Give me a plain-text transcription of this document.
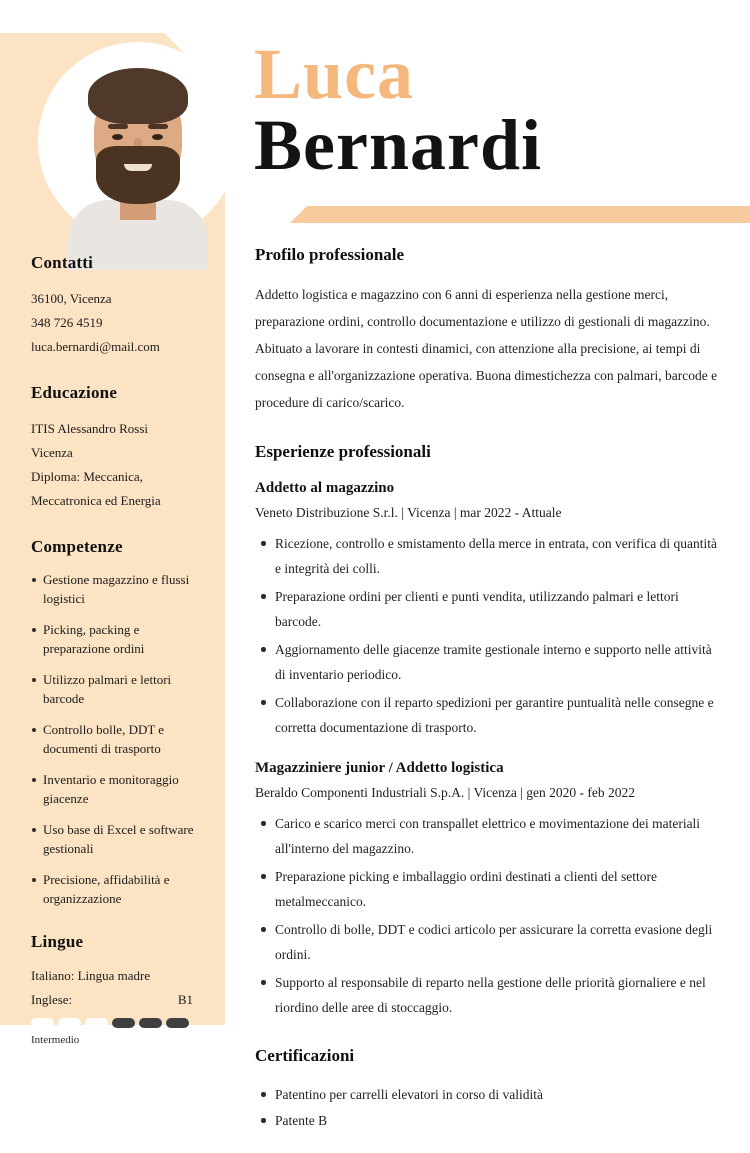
Luca
Bernardi
Contatti
36100, Vicenza
348 726 4519
luca.bernardi@mail.com
Educazione
ITIS Alessandro Rossi
Vicenza
Diploma: Meccanica,
Meccatronica ed Energia
Competenze
Gestione magazzino e flussi logistici
Picking, packing e preparazione ordini
Utilizzo palmari e lettori barcode
Controllo bolle, DDT e documenti di trasporto
Inventario e monitoraggio giacenze
Uso base di Excel e software gestionali
Precisione, affidabilità e organizzazione
Lingue
Italiano: Lingua madre
Inglese:	B1
Intermedio
Profilo professionale

Addetto logistica e magazzino con 6 anni di esperienza nella gestione merci, preparazione ordini, controllo documentazione e utilizzo di gestionali di magazzino. Abituato a lavorare in contesti dinamici, con attenzione alla precisione, ai tempi di consegna e all'organizzazione operativa. Buona dimestichezza con palmari, barcode e procedure di carico/scarico.

Esperienze professionali
Addetto al magazzino
Veneto Distribuzione S.r.l. | Vicenza | mar 2022 - Attuale
Ricezione, controllo e smistamento della merce in entrata, con verifica di quantità e integrità dei colli.
Preparazione ordini per clienti e punti vendita, utilizzando palmari e lettori barcode.
Aggiornamento delle giacenze tramite gestionale interno e supporto nelle attività di inventario periodico.
Collaborazione con il reparto spedizioni per garantire puntualità nelle consegne e corretta documentazione di trasporto.
Magazziniere junior / Addetto logistica
Beraldo Componenti Industriali S.p.A. | Vicenza | gen 2020 - feb 2022
Carico e scarico merci con transpallet elettrico e movimentazione dei materiali all'interno del magazzino.
Preparazione picking e imballaggio ordini destinati a clienti del settore metalmeccanico.
Controllo di bolle, DDT e codici articolo per assicurare la corretta evasione degli ordini.
Supporto al responsabile di reparto nella gestione delle priorità giornaliere e nel riordino delle aree di stoccaggio.
Certificazioni
Patentino per carrelli elevatori in corso di validità
Patente B
